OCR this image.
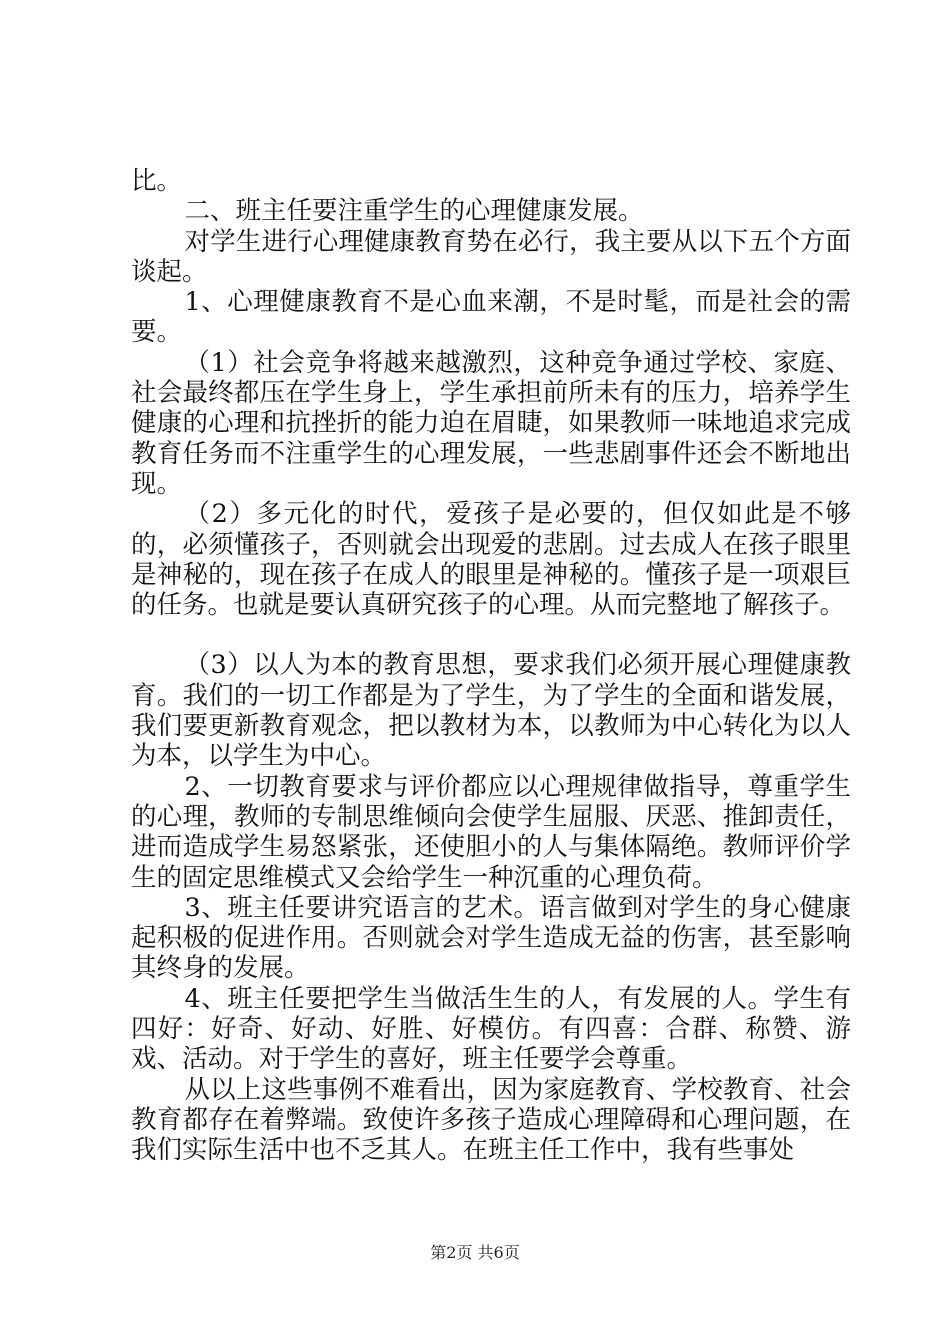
比。

二、班主任要注重学生的心理健康发展。

对学生进行心理健康教育势在必行，我主要从以下五个方面谈起。

1、心理健康教育不是心血来潮，不是时髦，而是社会的需要。

（1）社会竞争将越来越激烈，这种竞争通过学校、家庭、社会最终都压在学生身上，学生承担前所未有的压力，培养学生健康的心理和抗挫折的能力迫在眉睫，如果教师一味地追求完成教育任务而不注重学生的心理发展，一些悲剧事件还会不断地出现。

（2）多元化的时代，爱孩子是必要的，但仅如此是不够的，必须懂孩子，否则就会出现爱的悲剧。过去成人在孩子眼里是神秘的，现在孩子在成人的眼里是神秘的。懂孩子是一项艰巨的任务。也就是要认真研究孩子的心理。从而完整地了解孩子。

（3）以人为本的教育思想，要求我们必须开展心理健康教育。我们的一切工作都是为了学生，为了学生的全面和谐发展，我们要更新教育观念，把以教材为本，以教师为中心转化为以人为本，以学生为中心。

2、一切教育要求与评价都应以心理规律做指导，尊重学生的心理，教师的专制思维倾向会使学生屈服、厌恶、推卸责任，进而造成学生易怒紧张，还使胆小的人与集体隔绝。教师评价学生的固定思维模式又会给学生一种沉重的心理负荷。

3、班主任要讲究语言的艺术。语言做到对学生的身心健康起积极的促进作用。否则就会对学生造成无益的伤害，甚至影响其终身的发展。

4、班主任要把学生当做活生生的人，有发展的人。学生有四好：好奇、好动、好胜、好模仿。有四喜：合群、称赞、游戏、活动。对于学生的喜好，班主任要学会尊重。

从以上这些事例不难看出，因为家庭教育、学校教育、社会教育都存在着弊端。致使许多孩子造成心理障碍和心理问题，在我们实际生活中也不乏其人。在班主任工作中，我有些事处

第2页 共6页
